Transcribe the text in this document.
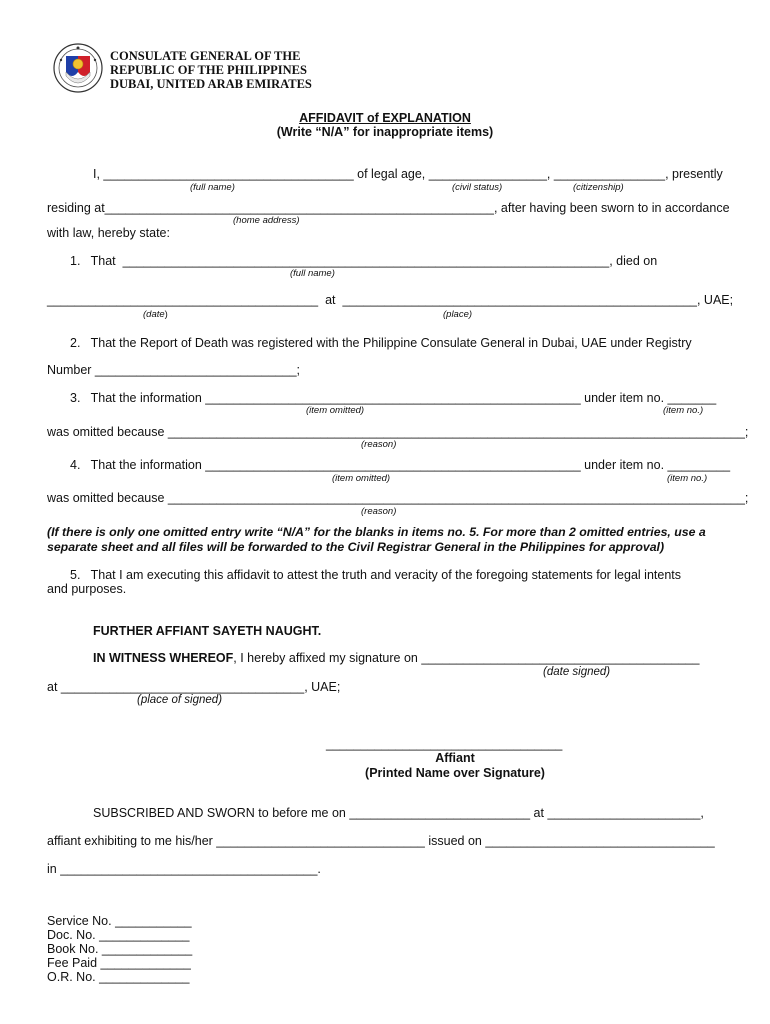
CONSULATE GENERAL OF THE
REPUBLIC OF THE PHILIPPINES
DUBAI, UNITED ARAB EMIRATES
AFFIDAVIT of EXPLANATION
(Write “N/A” for inappropriate items)
I, ____________________________________ of legal age, _________________, ________________, presently
(full name)	(civil status)	(citizenship)
residing at________________________________________________________, after having been sworn to in accordance
(home address)
with law, hereby state:
1.   That  ______________________________________________________________________, died on
(full name)
_______________________________________  at  ___________________________________________________, UAE;
(date)	(place)
2.   That the Report of Death was registered with the Philippine Consulate General in Dubai, UAE under Registry
Number _____________________________;
3.   That the information ______________________________________________________ under item no. _______
(item omitted)	(item no.)
was omitted because ___________________________________________________________________________________;
(reason)
4.   That the information ______________________________________________________ under item no. _________
(item omitted)	(item no.)
was omitted because ___________________________________________________________________________________;
(reason)
(If there is only one omitted entry write “N/A” for the blanks in items no. 5. For more than 2 omitted entries, use a separate sheet and all files will be forwarded to the Civil Registrar General in the Philippines for approval)
5.   That I am executing this affidavit to attest the truth and veracity of the foregoing statements for legal intents
and purposes.
FURTHER AFFIANT SAYETH NAUGHT.
IN WITNESS WHEREOF, I hereby affixed my signature on ________________________________________
(date signed)
at ___________________________________, UAE;
(place of signed)
__________________________________
Affiant
(Printed Name over Signature)
SUBSCRIBED AND SWORN to before me on __________________________ at ______________________,
affiant exhibiting to me his/her ______________________________ issued on _________________________________
in _____________________________________.
Service No. ___________
Doc. No. _____________
Book No. _____________
Fee Paid _____________
O.R. No. _____________
